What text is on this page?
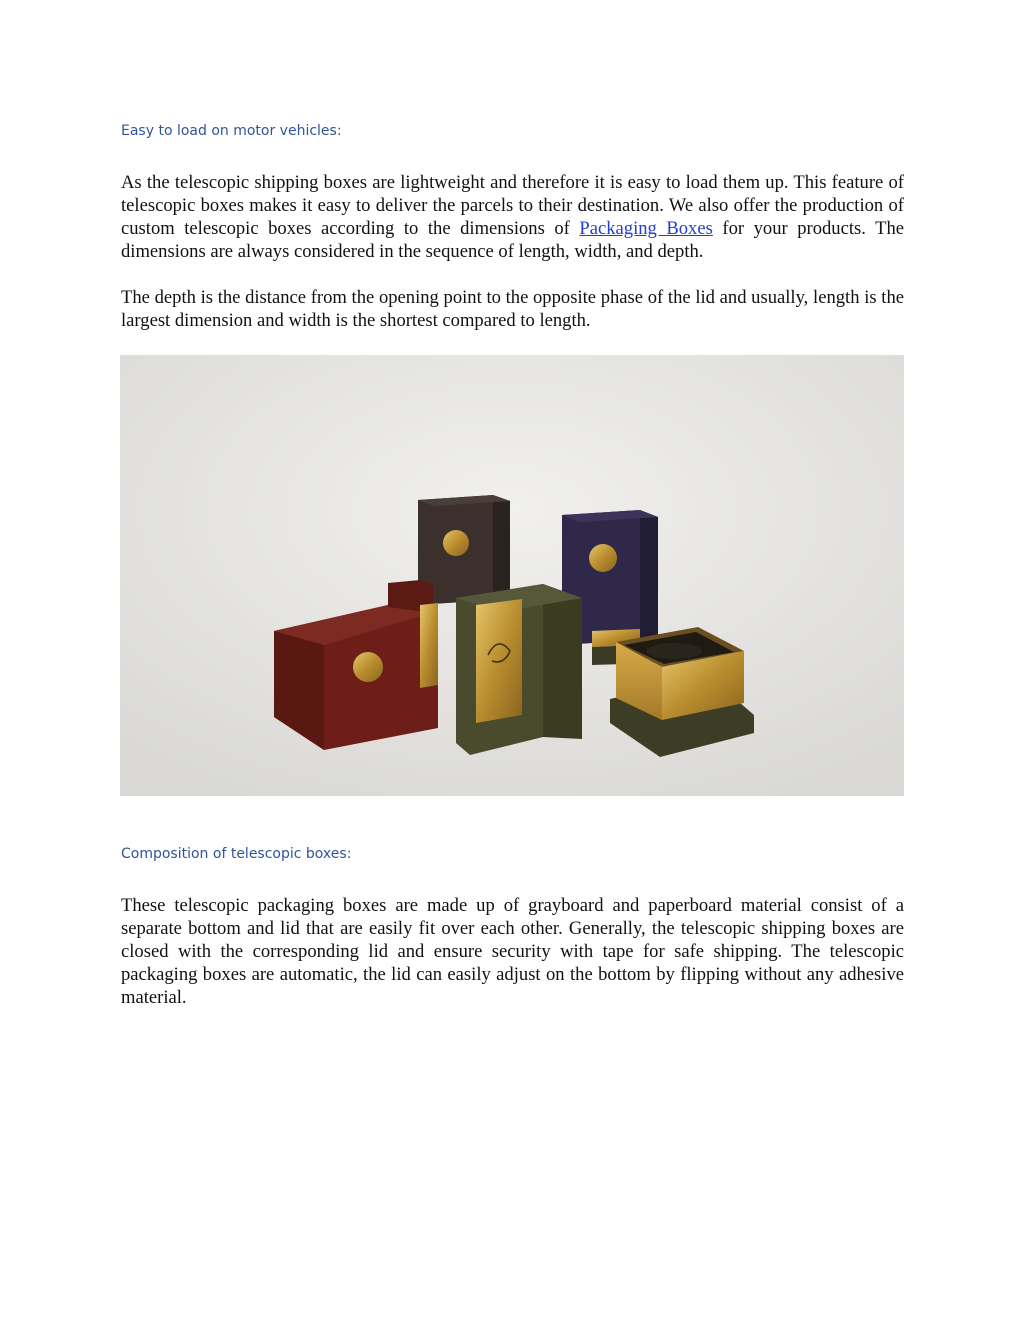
Easy to load on motor vehicles:

As the telescopic shipping boxes are lightweight and therefore it is easy to load them up. This feature of telescopic boxes makes it easy to deliver the parcels to their destination. We also offer the production of custom telescopic boxes according to the dimensions of Packaging Boxes for your products. The dimensions are always considered in the sequence of length, width, and depth.

The depth is the distance from the opening point to the opposite phase of the lid and usually, length is the largest dimension and width is the shortest compared to length.

Composition of telescopic boxes:

These telescopic packaging boxes are made up of grayboard and paperboard material consist of a separate bottom and lid that are easily fit over each other. Generally, the telescopic shipping boxes are closed with the corresponding lid and ensure security with tape for safe shipping. The telescopic packaging boxes are automatic, the lid can easily adjust on the bottom by flipping without any adhesive material.
